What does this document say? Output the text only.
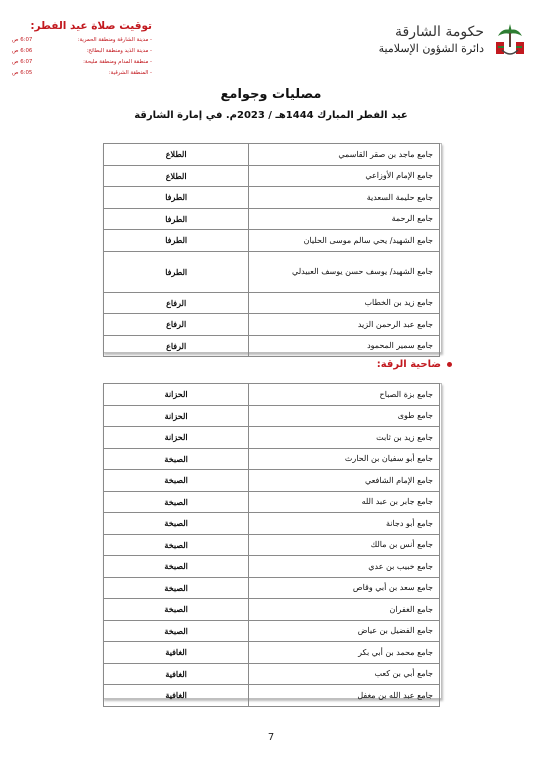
حكومة الشارقة
دائرة الشؤون الإسلامية
توقيت صلاة عيد الفطر:
- مدينة الشارقة ومنطقة الحمرية:
6:07 ص
- مدينة الذيد ومنطقة البطائح:
6:06 ص
- منطقة المدام ومنطقة مليحة:
6:07 ص
- المنطقة الشرقية:
6:05 ص
مصليات وجوامع
عيد الفطر المبارك 1444هـ / 2023م. في إمارة الشارقة
جامع ماجد بن صقر القاسمي	الطلاع
جامع الإمام الأوزاعي	الطلاع
جامع حليمة السعدية	الطرفا
جامع الرحمة	الطرفا
جامع الشهيد/ يحي سالم موسى الحليان	الطرفا
جامع الشهيد/ يوسف حسن يوسف العبيدلي	الطرفا
جامع زيد بن الخطاب	الرفاع
جامع عبد الرحمن الزيد	الرفاع
جامع سمير المحمود	الرفاع
ضاحية الرقة:
جامع بزة الصباح	الحزانة
جامع طوى	الحزانة
جامع زيد بن ثابت	الحزانة
جامع أبو سفيان بن الحارث	الصبخة
جامع الإمام الشافعي	الصبخة
جامع جابر بن عبد الله	الصبخة
جامع أبو دجانة	الصبخة
جامع أنس بن مالك	الصبخة
جامع خبيب بن عدي	الصبخة
جامع سعد بن أبي وقاص	الصبخة
جامع الغفران	الصبخة
جامع الفضيل بن عياض	الصبخة
جامع محمد بن أبي بكر	الغافية
جامع أبي بن كعب	الغافية
جامع عبد الله بن مغفل	الغافية
7
